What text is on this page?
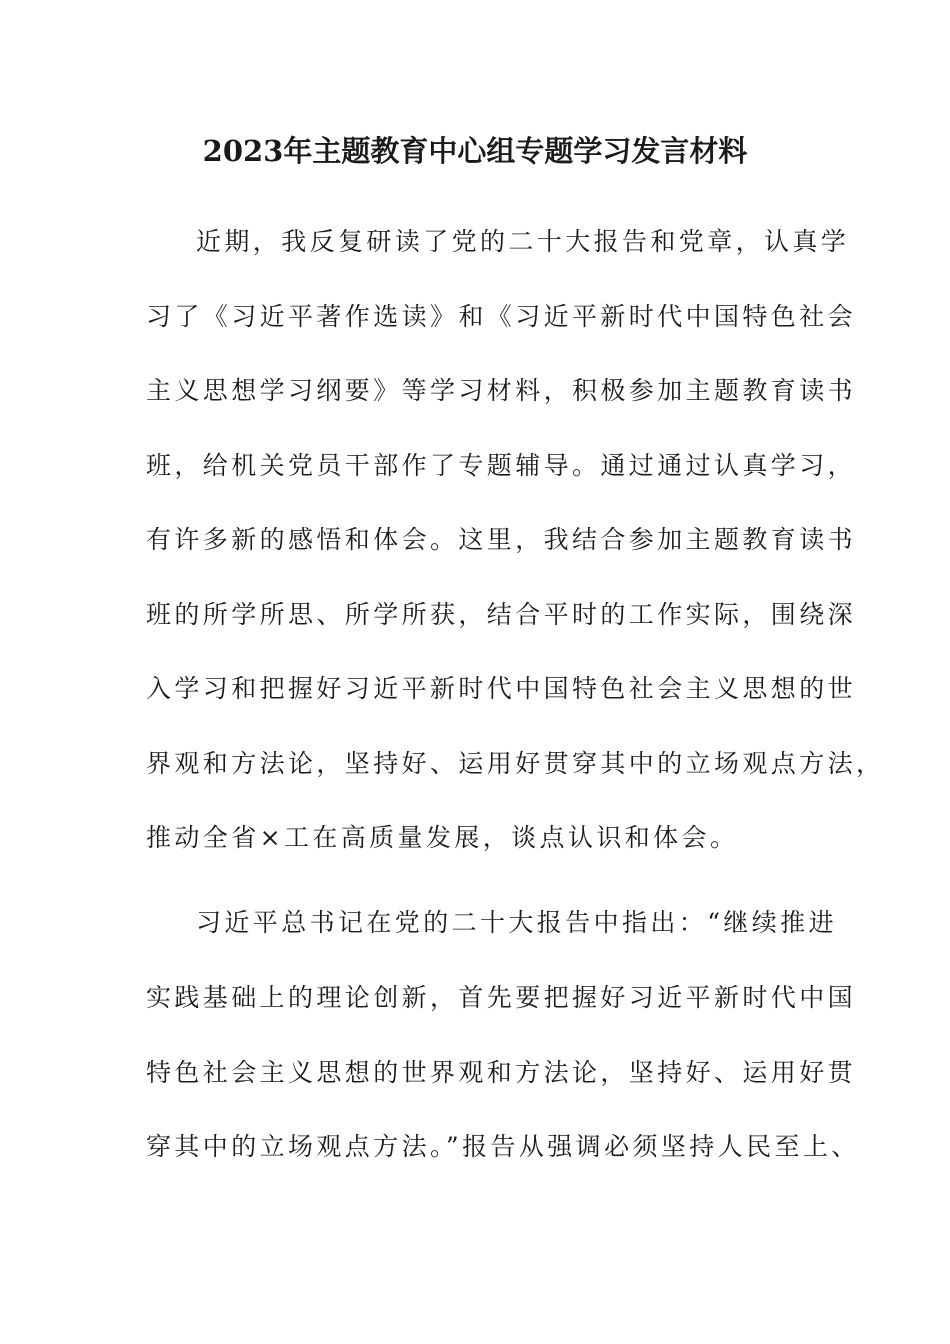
2023年主题教育中心组专题学习发言材料
近期，我反复研读了党的二十大报告和党章，认真学
习了《习近平著作选读》和《习近平新时代中国特色社会
主义思想学习纲要》等学习材料，积极参加主题教育读书
班，给机关党员干部作了专题辅导。通过通过认真学习，
有许多新的感悟和体会。这里，我结合参加主题教育读书
班的所学所思、所学所获，结合平时的工作实际，围绕深
入学习和把握好习近平新时代中国特色社会主义思想的世
界观和方法论，坚持好、运用好贯穿其中的立场观点方法，
推动全省×工在高质量发展，谈点认识和体会。
习近平总书记在党的二十大报告中指出：“继续推进
实践基础上的理论创新，首先要把握好习近平新时代中国
特色社会主义思想的世界观和方法论，坚持好、运用好贯
穿其中的立场观点方法。”报告从强调必须坚持人民至上、
